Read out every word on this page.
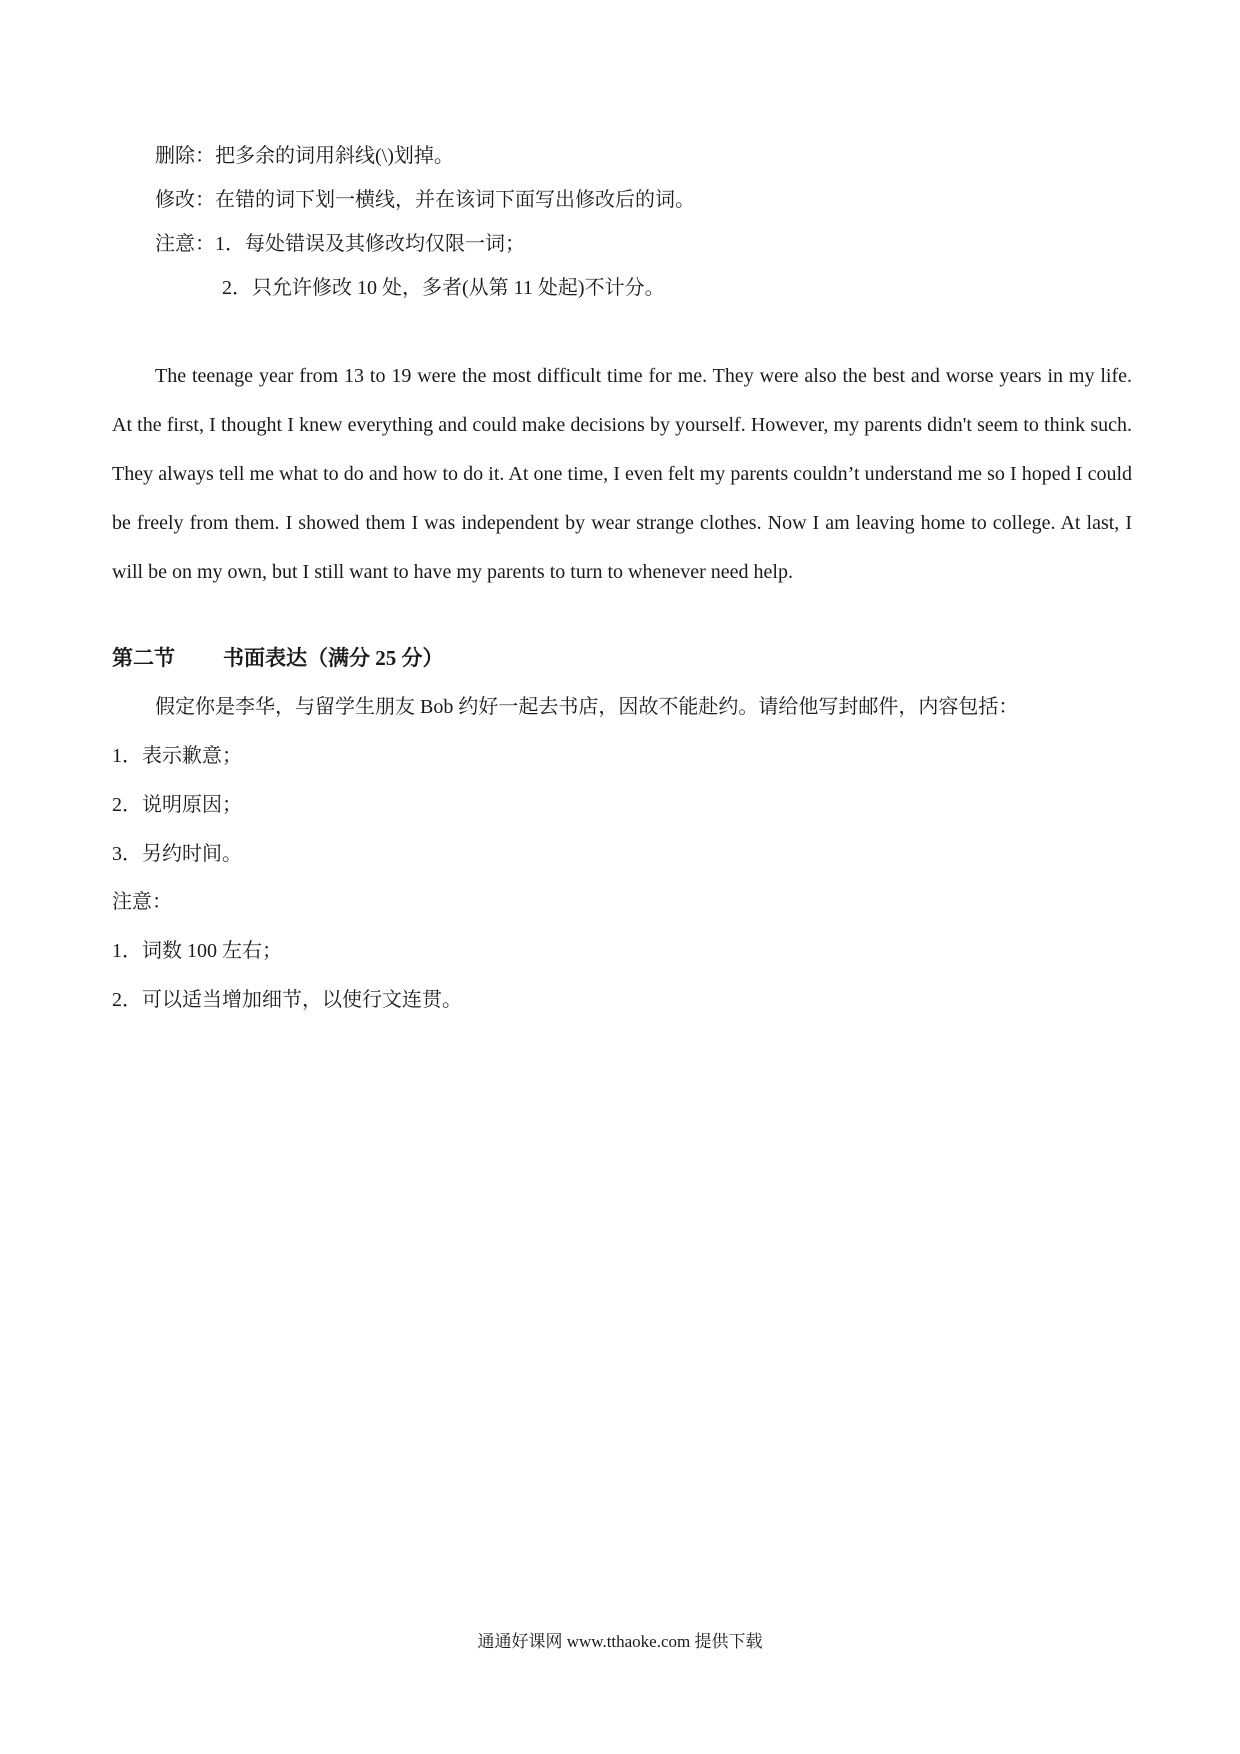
删除：把多余的词用斜线(\)划掉。
修改：在错的词下划一横线，并在该词下面写出修改后的词。
注意：1．每处错误及其修改均仅限一词；
2．只允许修改 10 处，多者(从第 11 处起)不计分。

The teenage year from 13 to 19 were the most difficult time for me. They were also the best and worse years in my life. At the first, I thought I knew everything and could make decisions by yourself. However, my parents didn't seem to think such. They always tell me what to do and how to do it. At one time, I even felt my parents couldn’t understand me so I hoped I could be freely from them. I showed them I was independent by wear strange clothes. Now I am leaving home to college. At last, I will be on my own, but I still want to have my parents to turn to whenever need help.

第二节 书面表达（满分 25 分）
假定你是李华，与留学生朋友 Bob 约好一起去书店，因故不能赴约。请给他写封邮件，内容包括：
1．表示歉意；
2．说明原因；
3．另约时间。
注意：
1．词数 100 左右；
2．可以适当增加细节，以使行文连贯。
通通好课网 www.tthaoke.com 提供下载
